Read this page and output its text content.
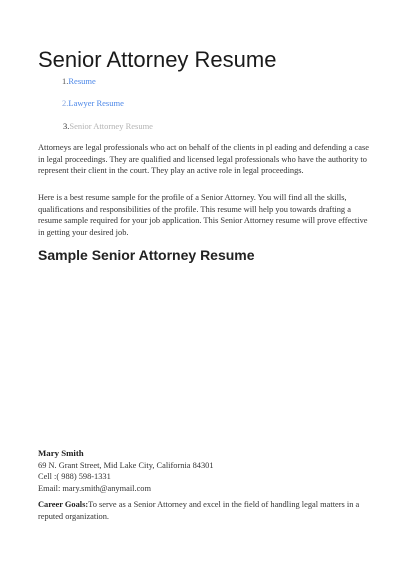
Senior Attorney Resume
1.Resume
2.Lawyer Resume
3.Senior Attorney Resume

Attorneys are legal professionals who act on behalf of the clients in pl eading and defending a case in legal proceedings. They are qualified and licensed legal professionals who have the authority to represent their client in the court. They play an active role in legal proceedings.

Here is a best resume sample for the profile of a Senior Attorney. You will find all the skills, qualifications and responsibilities of the profile. This resume will help you towards drafting a resume sample required for your job application. This Senior Attorney resume will prove effective in getting your desired job.

Sample Senior Attorney Resume
Mary Smith
69 N. Grant Street, Mid Lake City, California 84301
Cell :( 988) 598-1331
Email: mary.smith@anymail.com

Career Goals:To serve as a Senior Attorney and excel in the field of handling legal matters in a reputed organization.
